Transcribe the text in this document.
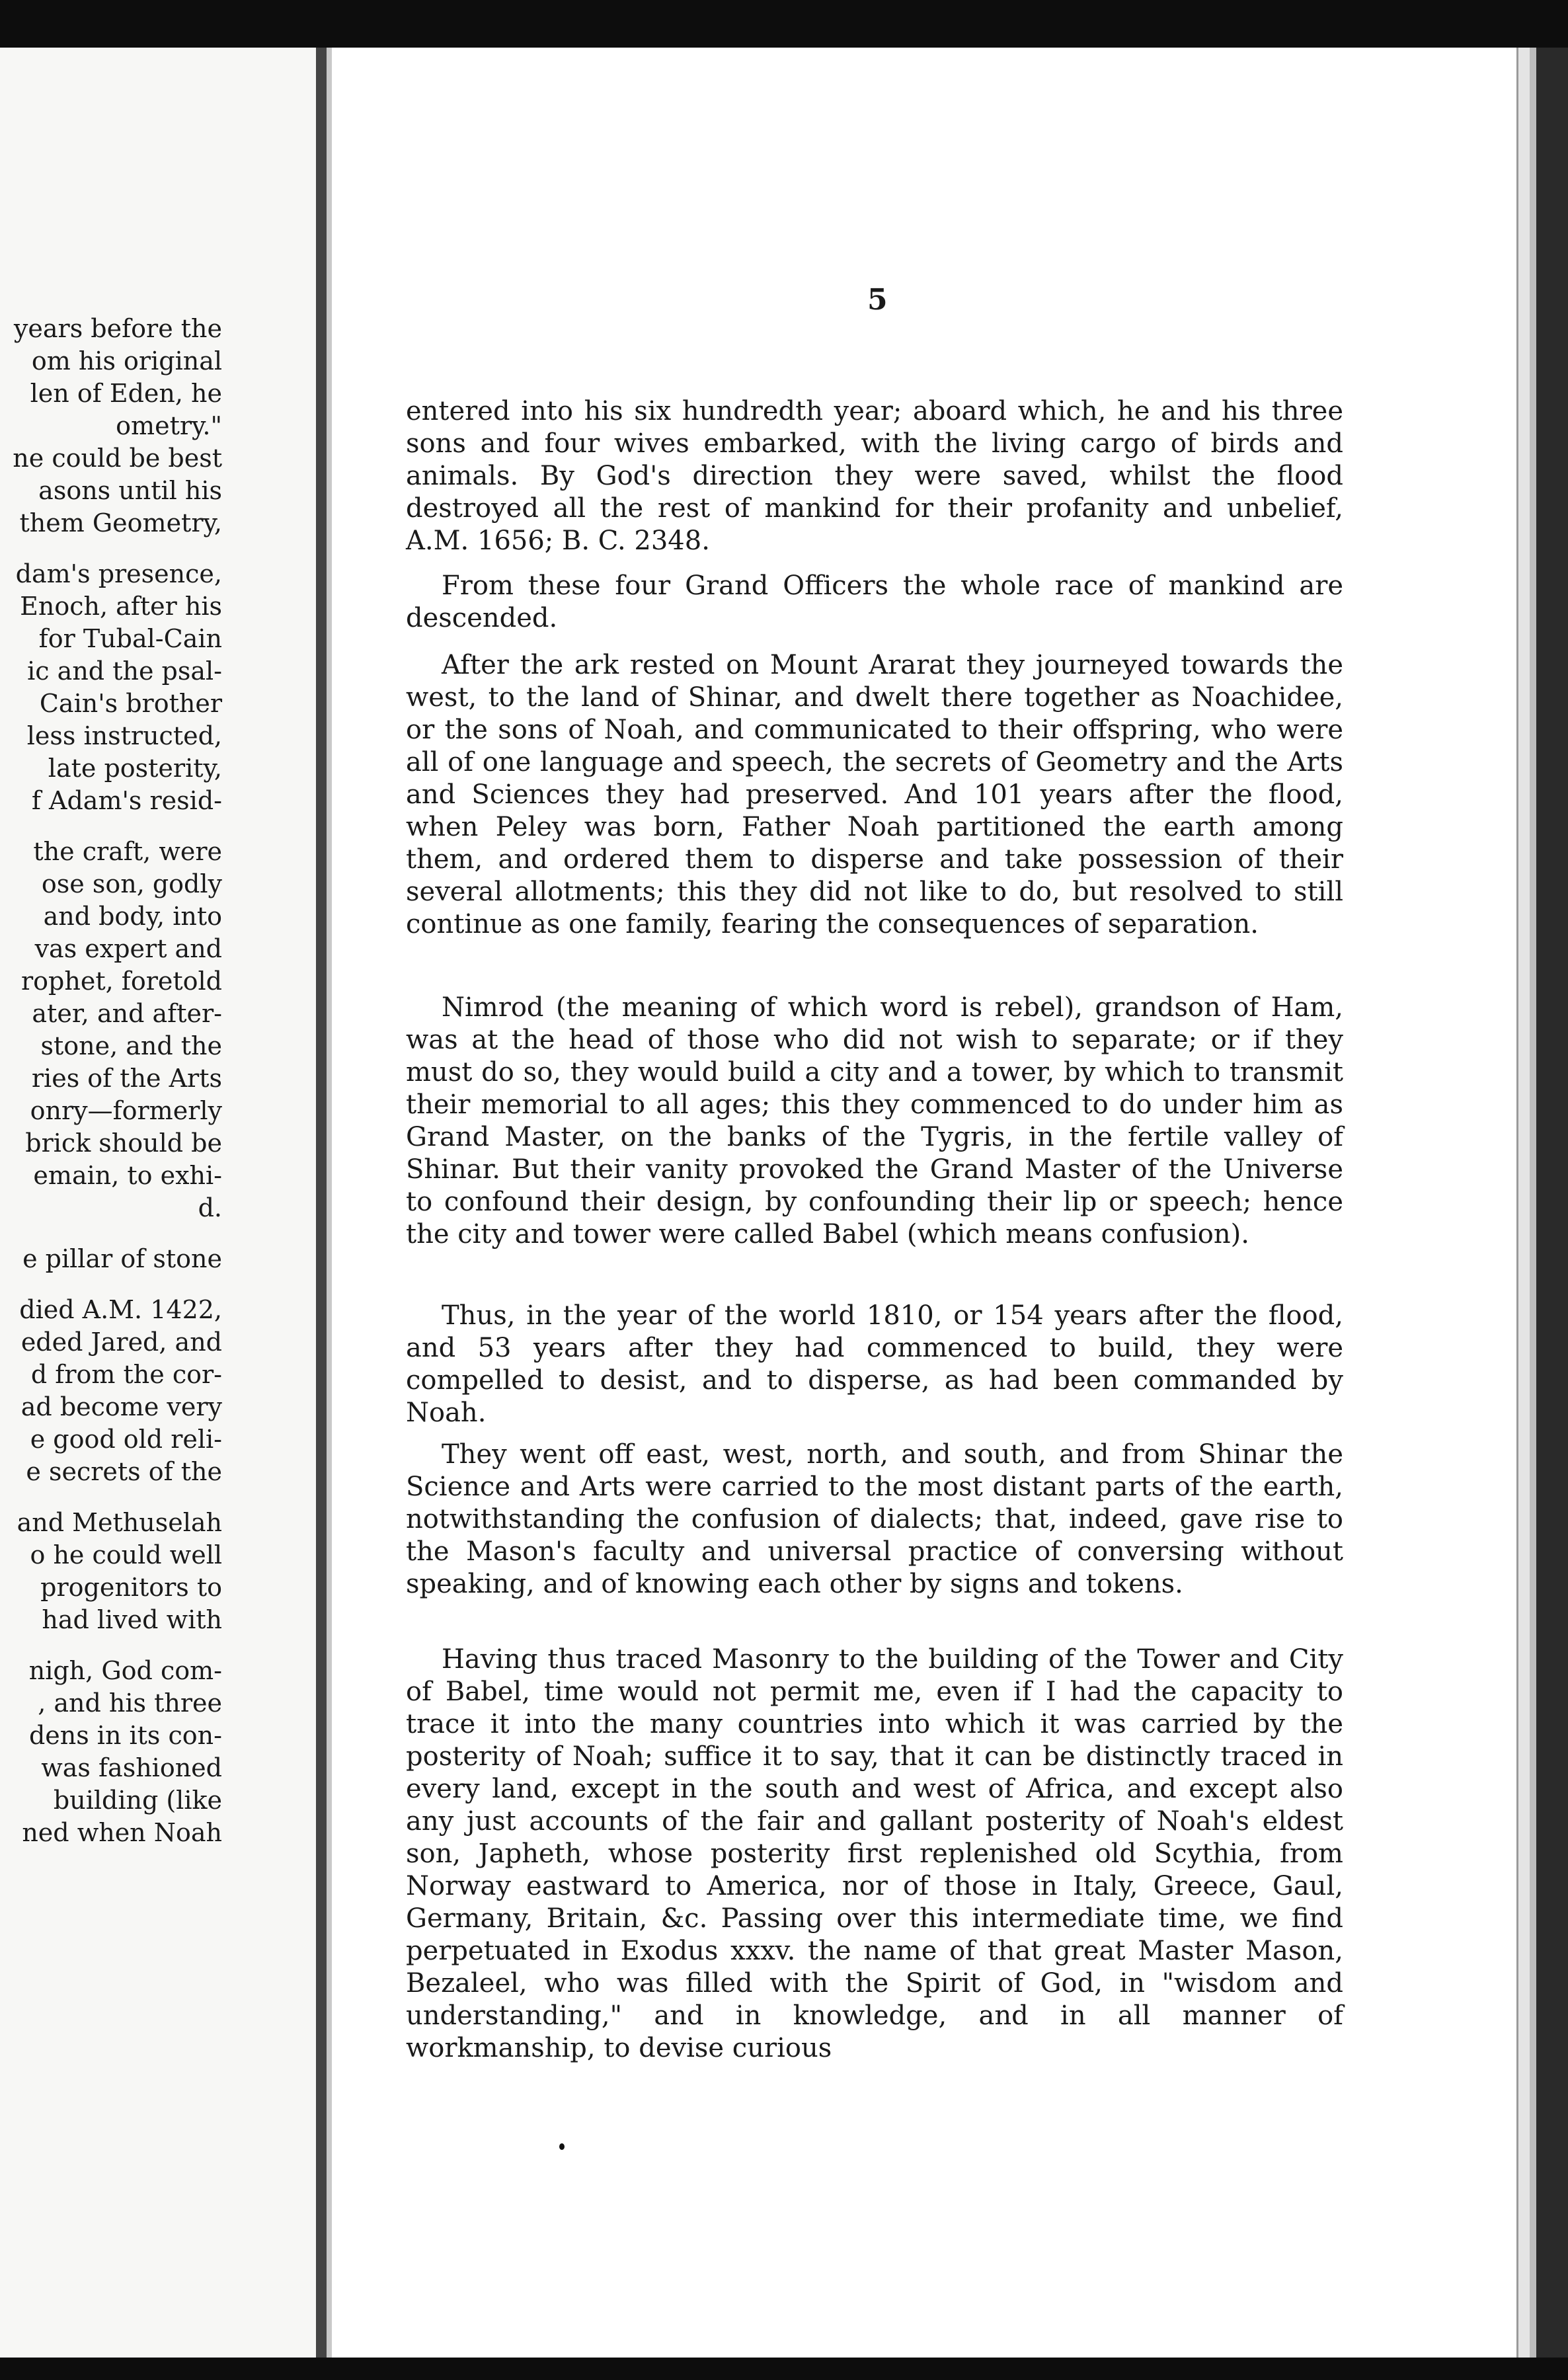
years before the
om his original
len of Eden, he
ometry."
ne could be best
asons until his
them Geometry,
dam's presence,
Enoch, after his
for Tubal-Cain
ic and the psal-
Cain's brother
less instructed,
late posterity,
f Adam's resid-
the craft, were
ose son, godly
and body, into
vas expert and
rophet, foretold
ater, and after-
stone, and the
ries of the Arts
onry—formerly
brick should be
emain, to exhi-
d.
e pillar of stone
died A.M. 1422,
eded Jared, and
d from the cor-
ad become very
e good old reli-
e secrets of the
and Methuselah
o he could well
progenitors to
had lived with
nigh, God com-
, and his three
dens in its con-
was fashioned
building (like
ned when Noah
5

entered into his six hundredth year; aboard which, he and his three sons and four wives embarked, with the living cargo of birds and animals. By God's direction they were saved, whilst the flood destroyed all the rest of mankind for their profanity and unbelief, A.M. 1656; B. C. 2348.

From these four Grand Officers the whole race of mankind are descended.

After the ark rested on Mount Ararat they journeyed towards the west, to the land of Shinar, and dwelt there together as Noachidee, or the sons of Noah, and communicated to their offspring, who were all of one language and speech, the secrets of Geometry and the Arts and Sciences they had preserved. And 101 years after the flood, when Peley was born, Father Noah partitioned the earth among them, and ordered them to disperse and take possession of their several allotments; this they did not like to do, but resolved to still continue as one family, fearing the consequences of separation.

Nimrod (the meaning of which word is rebel), grandson of Ham, was at the head of those who did not wish to separate; or if they must do so, they would build a city and a tower, by which to transmit their memorial to all ages; this they commenced to do under him as Grand Master, on the banks of the Tygris, in the fertile valley of Shinar. But their vanity provoked the Grand Master of the Universe to confound their design, by confounding their lip or speech; hence the city and tower were called Babel (which means confusion).

Thus, in the year of the world 1810, or 154 years after the flood, and 53 years after they had commenced to build, they were compelled to desist, and to disperse, as had been commanded by Noah.

They went off east, west, north, and south, and from Shinar the Science and Arts were carried to the most distant parts of the earth, notwithstanding the confusion of dialects; that, indeed, gave rise to the Mason's faculty and universal practice of conversing without speaking, and of knowing each other by signs and tokens.

Having thus traced Masonry to the building of the Tower and City of Babel, time would not permit me, even if I had the capacity to trace it into the many countries into which it was carried by the posterity of Noah; suffice it to say, that it can be distinctly traced in every land, except in the south and west of Africa, and except also any just accounts of the fair and gallant posterity of Noah's eldest son, Japheth, whose posterity first replenished old Scythia, from Norway eastward to America, nor of those in Italy, Greece, Gaul, Germany, Britain, &c. Passing over this intermediate time, we find perpetuated in Exodus xxxv. the name of that great Master Mason, Bezaleel, who was filled with the Spirit of God, in "wisdom and understanding," and in knowledge, and in all manner of workmanship, to devise curious
